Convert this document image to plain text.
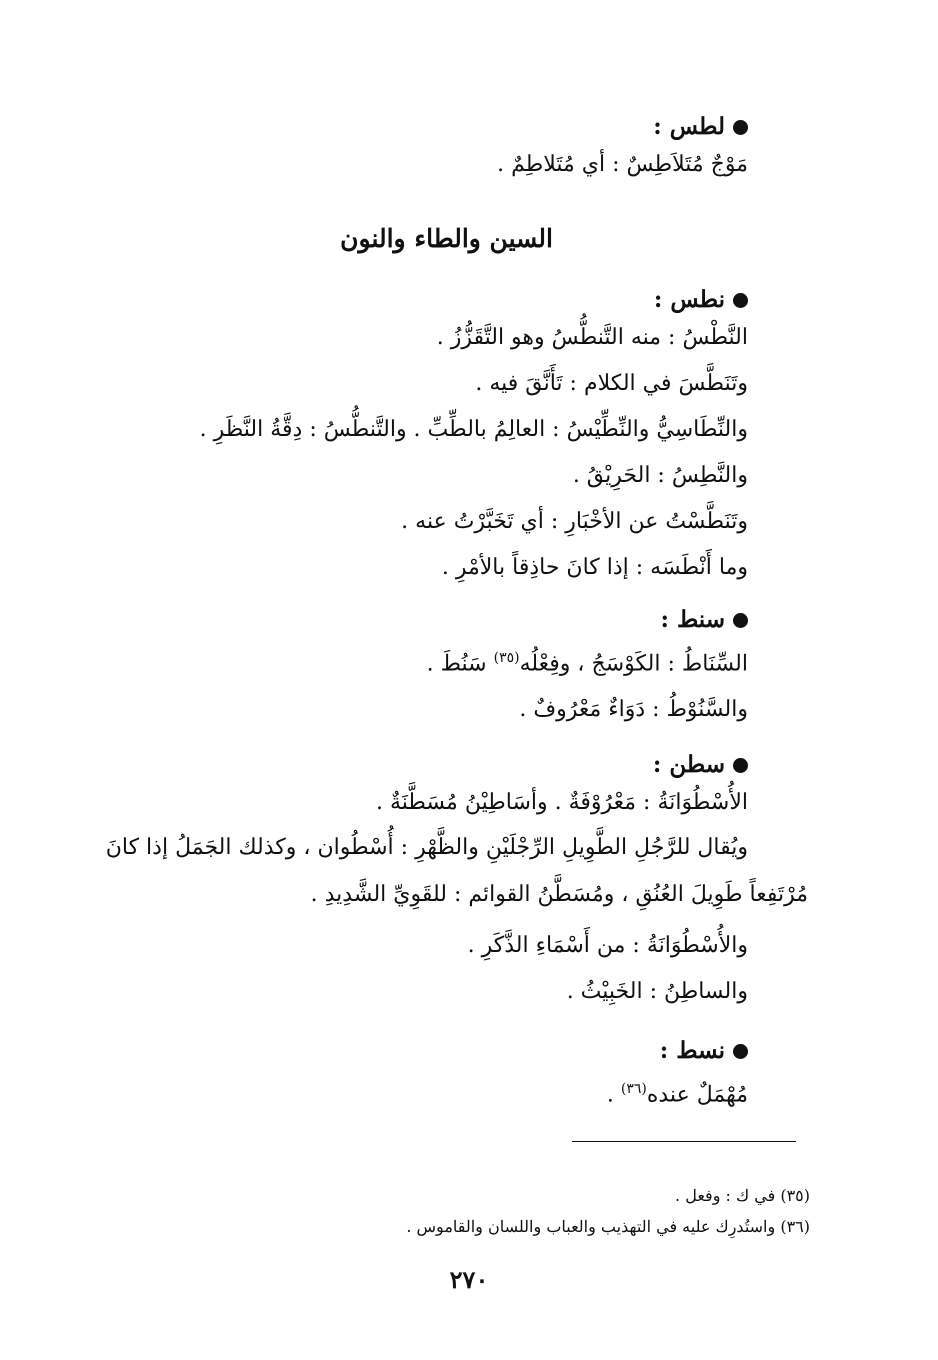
لطس :
مَوْجٌ مُتَلاَطِسٌ : أي مُتَلاطِمٌ .
السين والطاء والنون
نطس :
النَّطْسُ : منه التَّنطُّسُ وهو التَّقَزُّزُ .
وتَنَطَّسَ في الكلام : تَأَنَّقَ فيه .
والنِّطَاسِيُّ والنِّطِّيْسُ : العالِمُ بالطِّبِّ . والتَّنطُّسُ : دِقَّةُ النَّظَرِ .
والنَّطِسُ : الحَرِيْقُ .
وتَنَطَّسْتُ عن الأخْبَارِ : أي تَخَبَّرْتُ عنه .
وما أَنْطَسَه : إذا كانَ حاذِقاً بالأمْرِ .
سنط :
السِّنَاطُ : الكَوْسَجُ ، وفِعْلُه$^{(٣٥)}$ سَنُطَ .
والسَّنُوْطُ : دَوَاءٌ مَعْرُوفٌ .
سطن :
الأُسْطُوَانَةُ : مَعْرُوْفَةٌ . وأسَاطِيْنُ مُسَطَّنَةٌ .
ويُقال للرَّجُلِ الطَّوِيلِ الرِّجْلَيْنِ والظَّهْرِ : أُسْطُوان ، وكذلك الجَمَلُ إذا كانَ
مُرْتَفِعاً طَوِيلَ العُنُقِ ، ومُسَطَّنُ القوائم : للقَوِيِّ الشَّدِيدِ .
والأُسْطُوَانَةُ : من أَسْمَاءِ الذَّكَرِ .
والساطِنُ : الخَبِيْثُ .
نسط :
مُهْمَلٌ عنده$^{(٣٦)}$ .
(٣٥) في ك : وفعل .
(٣٦) واستُدرِك عليه في التهذيب والعباب واللسان والقاموس .
٢٧٠
